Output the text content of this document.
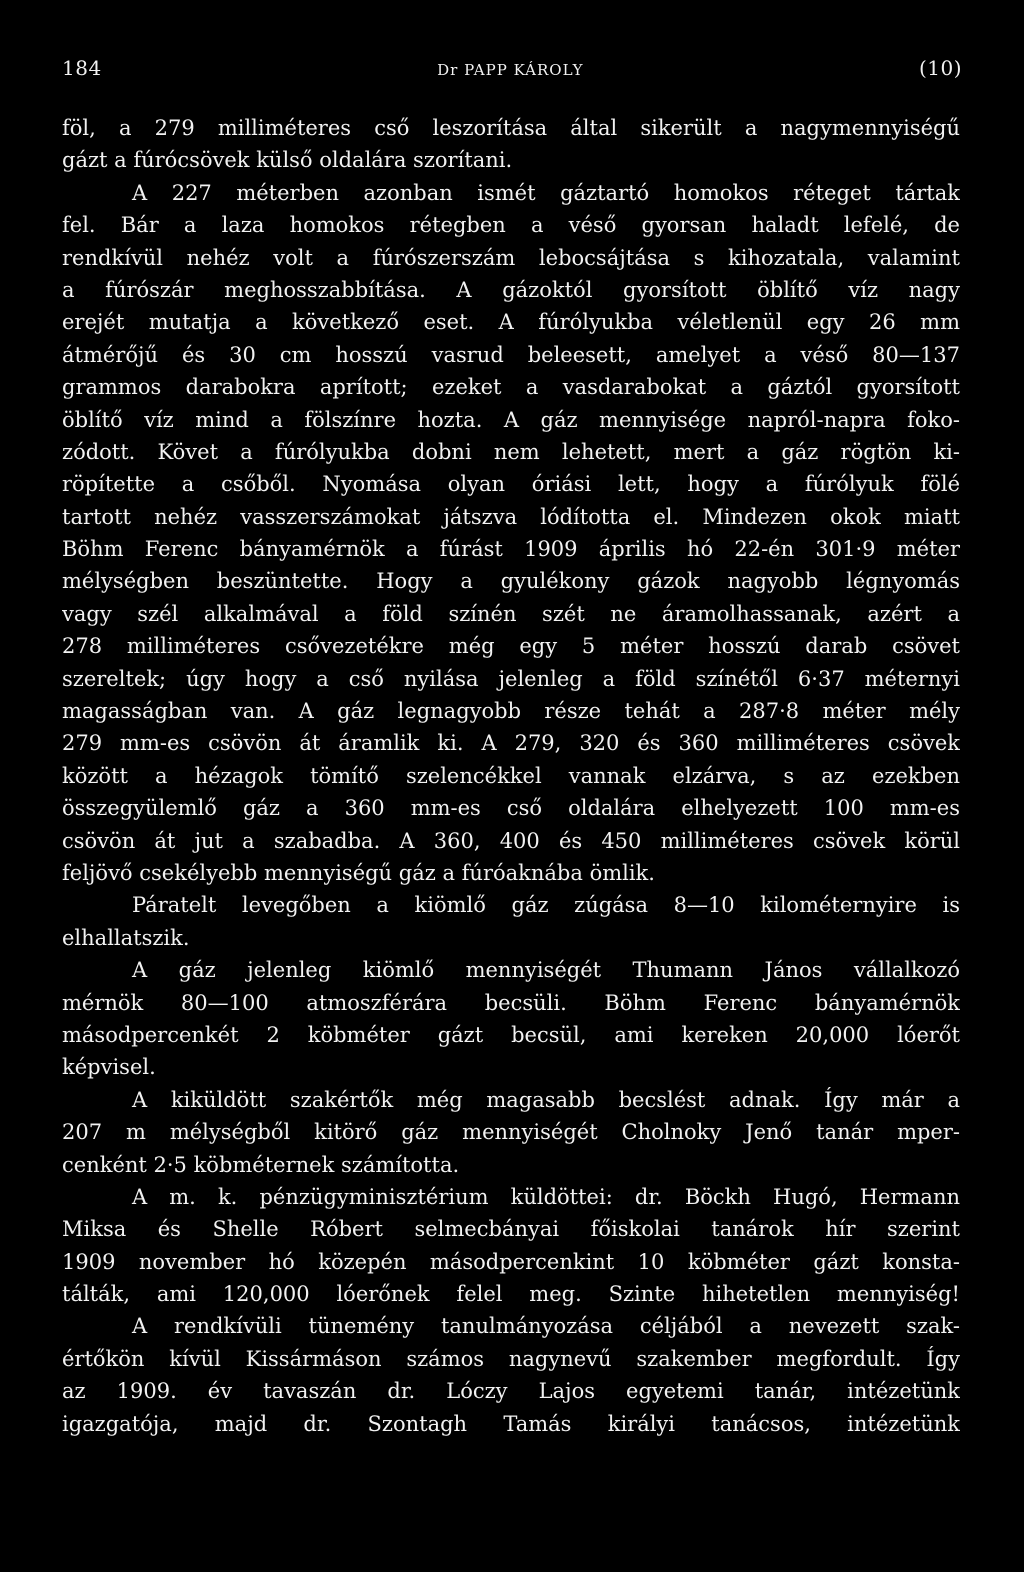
184	Dr PAPP KÁROLY	(10)
föl, a 279 milliméteres cső leszorítása által sikerült a nagymennyiségű
gázt a fúrócsövek külső oldalára szorítani.
A 227 méterben azonban ismét gáztartó homokos réteget tártak
fel. Bár a laza homokos rétegben a véső gyorsan haladt lefelé, de
rendkívül nehéz volt a fúrószerszám lebocsájtása s kihozatala, valamint
a fúrószár meghosszabbítása. A gázoktól gyorsított öblítő víz nagy
erejét mutatja a következő eset. A fúrólyukba véletlenül egy 26 mm
átmérőjű és 30 cm hosszú vasrud beleesett, amelyet a véső 80—137
grammos darabokra aprított; ezeket a vasdarabokat a gáztól gyorsított
öblítő víz mind a fölszínre hozta. A gáz mennyisége napról-napra foko-
zódott. Követ a fúrólyukba dobni nem lehetett, mert a gáz rögtön ki-
röpítette a csőből. Nyomása olyan óriási lett, hogy a fúrólyuk fölé
tartott nehéz vasszerszámokat játszva lódította el. Mindezen okok miatt
Böhm Ferenc bányamérnök a fúrást 1909 április hó 22-én 301·9 méter
mélységben beszüntette. Hogy a gyulékony gázok nagyobb légnyomás
vagy szél alkalmával a föld színén szét ne áramolhassanak, azért a
278 milliméteres csővezetékre még egy 5 méter hosszú darab csövet
szereltek; úgy hogy a cső nyilása jelenleg a föld színétől 6·37 méternyi
magasságban van. A gáz legnagyobb része tehát a 287·8 méter mély
279 mm-es csövön át áramlik ki. A 279, 320 és 360 milliméteres csövek
között a hézagok tömítő szelencékkel vannak elzárva, s az ezekben
összegyülemlő gáz a 360 mm-es cső oldalára elhelyezett 100 mm-es
csövön át jut a szabadba. A 360, 400 és 450 milliméteres csövek körül
feljövő csekélyebb mennyiségű gáz a fúróaknába ömlik.
Páratelt levegőben a kiömlő gáz zúgása 8—10 kilométernyire is
elhallatszik.
A gáz jelenleg kiömlő mennyiségét Thumann János vállalkozó
mérnök 80—100 atmoszférára becsüli. Böhm Ferenc bányamérnök
másodpercenkét 2 köbméter gázt becsül, ami kereken 20,000 lóerőt
képvisel.
A kiküldött szakértők még magasabb becslést adnak. Így már a
207 m mélységből kitörő gáz mennyiségét Cholnoky Jenő tanár mper-
cenként 2·5 köbméternek számította.
A m. k. pénzügyminisztérium küldöttei: dr. Böckh Hugó, Hermann
Miksa és Shelle Róbert selmecbányai főiskolai tanárok hír szerint
1909 november hó közepén másodpercenkint 10 köbméter gázt konsta-
tálták, ami 120,000 lóerőnek felel meg. Szinte hihetetlen mennyiség!
A rendkívüli tünemény tanulmányozása céljából a nevezett szak-
értőkön kívül Kissármáson számos nagynevű szakember megfordult. Így
az 1909. év tavaszán dr. Lóczy Lajos egyetemi tanár, intézetünk
igazgatója, majd dr. Szontagh Tamás királyi tanácsos, intézetünk
